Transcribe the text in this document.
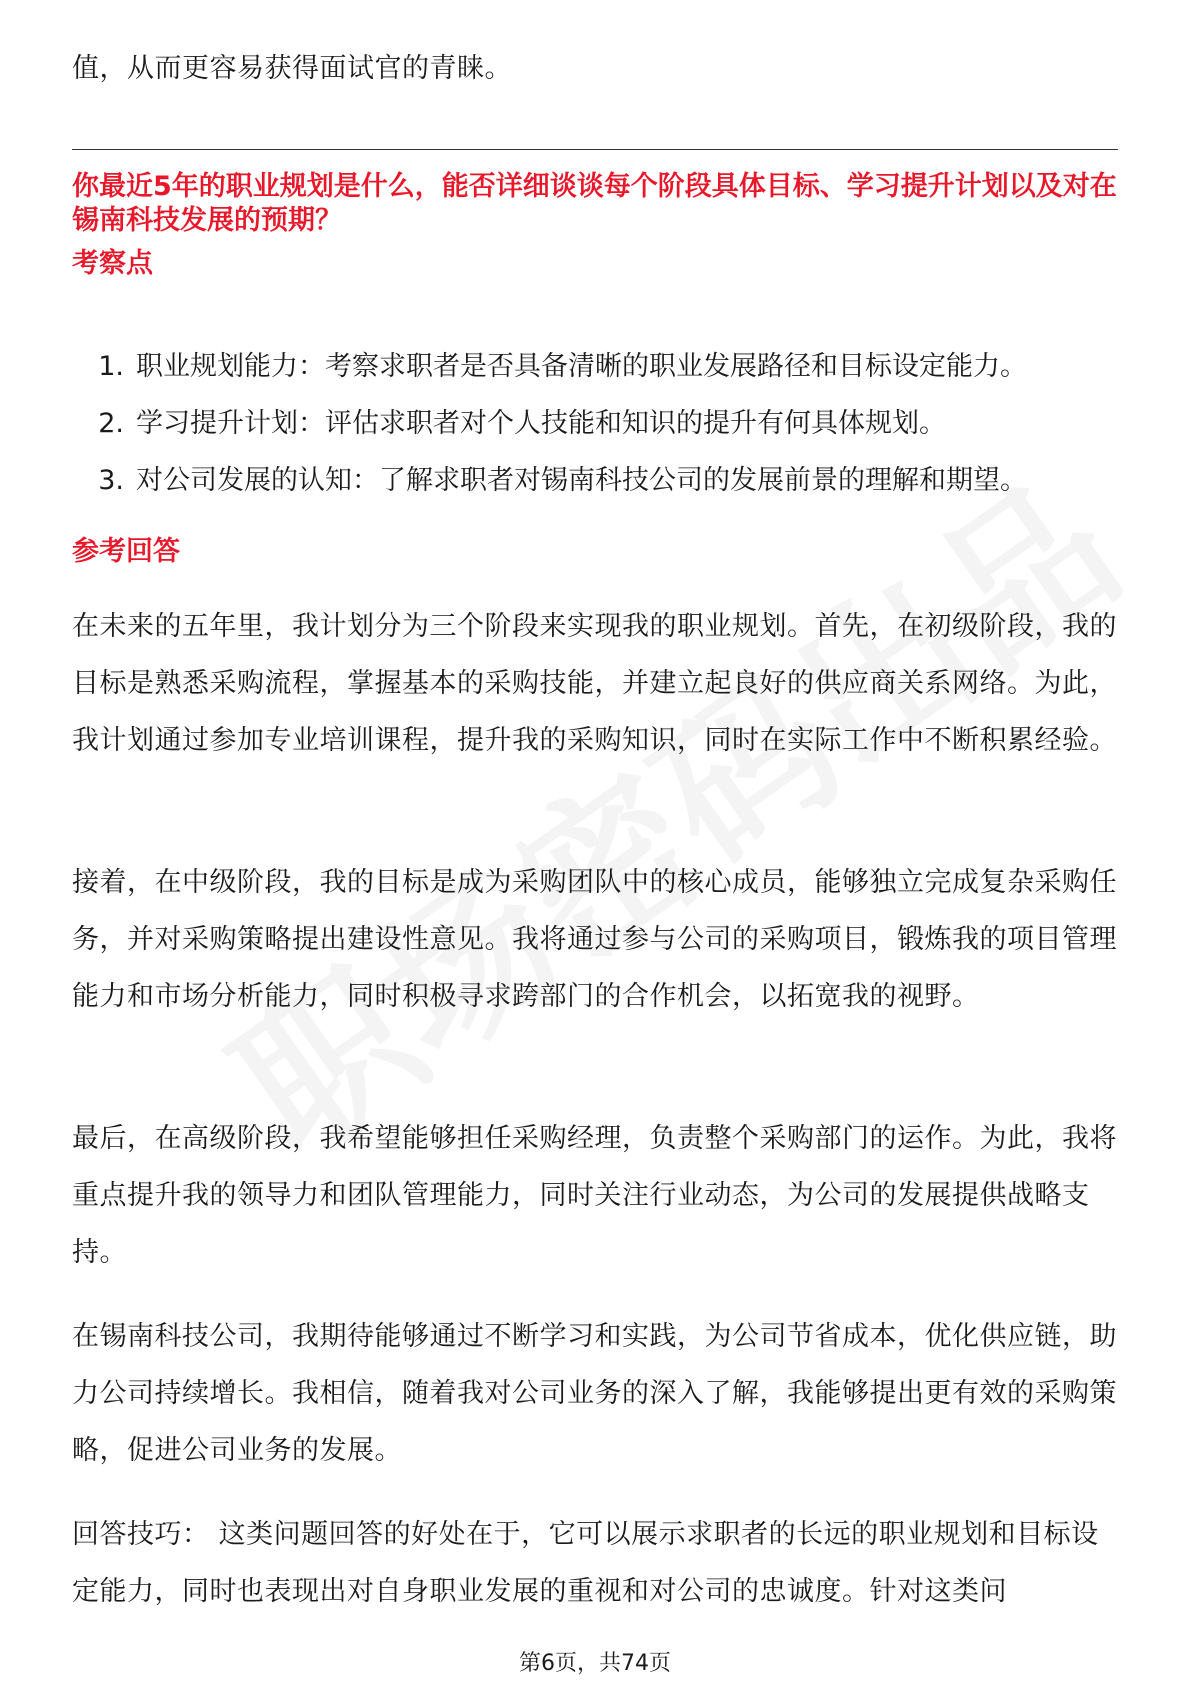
值，从而更容易获得面试官的青睐。

你最近5年的职业规划是什么，能否详细谈谈每个阶段具体目标、学习提升计划以及对在锡南科技发展的预期？

考察点

1. 职业规划能力：考察求职者是否具备清晰的职业发展路径和目标设定能力。
2. 学习提升计划：评估求职者对个人技能和知识的提升有何具体规划。
3. 对公司发展的认知：了解求职者对锡南科技公司的发展前景的理解和期望。

参考回答

在未来的五年里，我计划分为三个阶段来实现我的职业规划。首先，在初级阶段，我的目标是熟悉采购流程，掌握基本的采购技能，并建立起良好的供应商关系网络。为此，我计划通过参加专业培训课程，提升我的采购知识，同时在实际工作中不断积累经验。

接着，在中级阶段，我的目标是成为采购团队中的核心成员，能够独立完成复杂采购任务，并对采购策略提出建设性意见。我将通过参与公司的采购项目，锻炼我的项目管理能力和市场分析能力，同时积极寻求跨部门的合作机会，以拓宽我的视野。

最后，在高级阶段，我希望能够担任采购经理，负责整个采购部门的运作。为此，我将重点提升我的领导力和团队管理能力，同时关注行业动态，为公司的发展提供战略支持。

在锡南科技公司，我期待能够通过不断学习和实践，为公司节省成本，优化供应链，助力公司持续增长。我相信，随着我对公司业务的深入了解，我能够提出更有效的采购策略，促进公司业务的发展。

回答技巧： 这类问题回答的好处在于，它可以展示求职者的长远的职业规划和目标设定能力，同时也表现出对自身职业发展的重视和对公司的忠诚度。针对这类问

第6页，共74页
